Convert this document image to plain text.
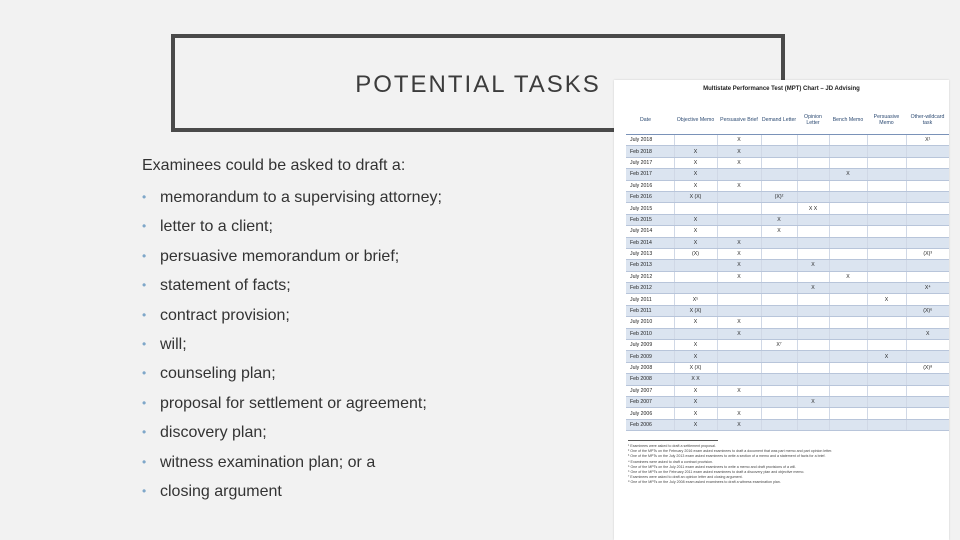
POTENTIAL TASKS
Examinees could be asked to draft a:
• memorandum to a supervising attorney;
• letter to a client;
• persuasive memorandum or brief;
• statement of facts;
• contract provision;
• will;
• counseling plan;
• proposal for settlement or agreement;
• discovery plan;
• witness examination plan; or a
• closing argument
Multistate Performance Test (MPT) Chart – JD Advising
Date	Objective Memo	Persuasive Brief	Demand Letter	Opinion Letter	Bench Memo	Persuasive Memo	Other-wildcard task
July 2018		X					X¹
Feb 2018	X	X					
July 2017	X	X					
Feb 2017	X				X		
July 2016	X	X					
Feb 2016	X (X)		(X)²				
July 2015				X X			
Feb 2015	X		X				
July 2014	X		X				
Feb 2014	X	X					
July 2013	(X)	X					(X)³
Feb 2013		X		X			
July 2012		X			X		
Feb 2012				X			X⁴
July 2011	X⁵					X	
Feb 2011	X (X)						(X)⁶
July 2010	X	X					
Feb 2010		X					X
July 2009	X		X⁷				
Feb 2009	X					X	
July 2008	X (X)						(X)⁸
Feb 2008	X X						
July 2007	X	X					
Feb 2007	X			X			
July 2006	X	X					
Feb 2006	X	X					
¹ Examinees were asked to draft a settlement proposal.
² One of the MPTs on the February 2016 exam asked examinees to draft a document that was part memo and part opinion letter.
³ One of the MPTs on the July 2013 exam asked examinees to write a section of a memo and a statement of facts for a brief.
⁴ Examinees were asked to draft a contract provision.
⁵ One of the MPTs on the July 2011 exam asked examinees to write a memo and draft provisions of a will.
⁶ One of the MPTs on the February 2011 exam asked examinees to draft a discovery plan and objective memo.
⁷ Examinees were asked to draft an opinion letter and closing argument.
⁸ One of the MPTs on the July 2008 exam asked examinees to draft a witness examination plan.
